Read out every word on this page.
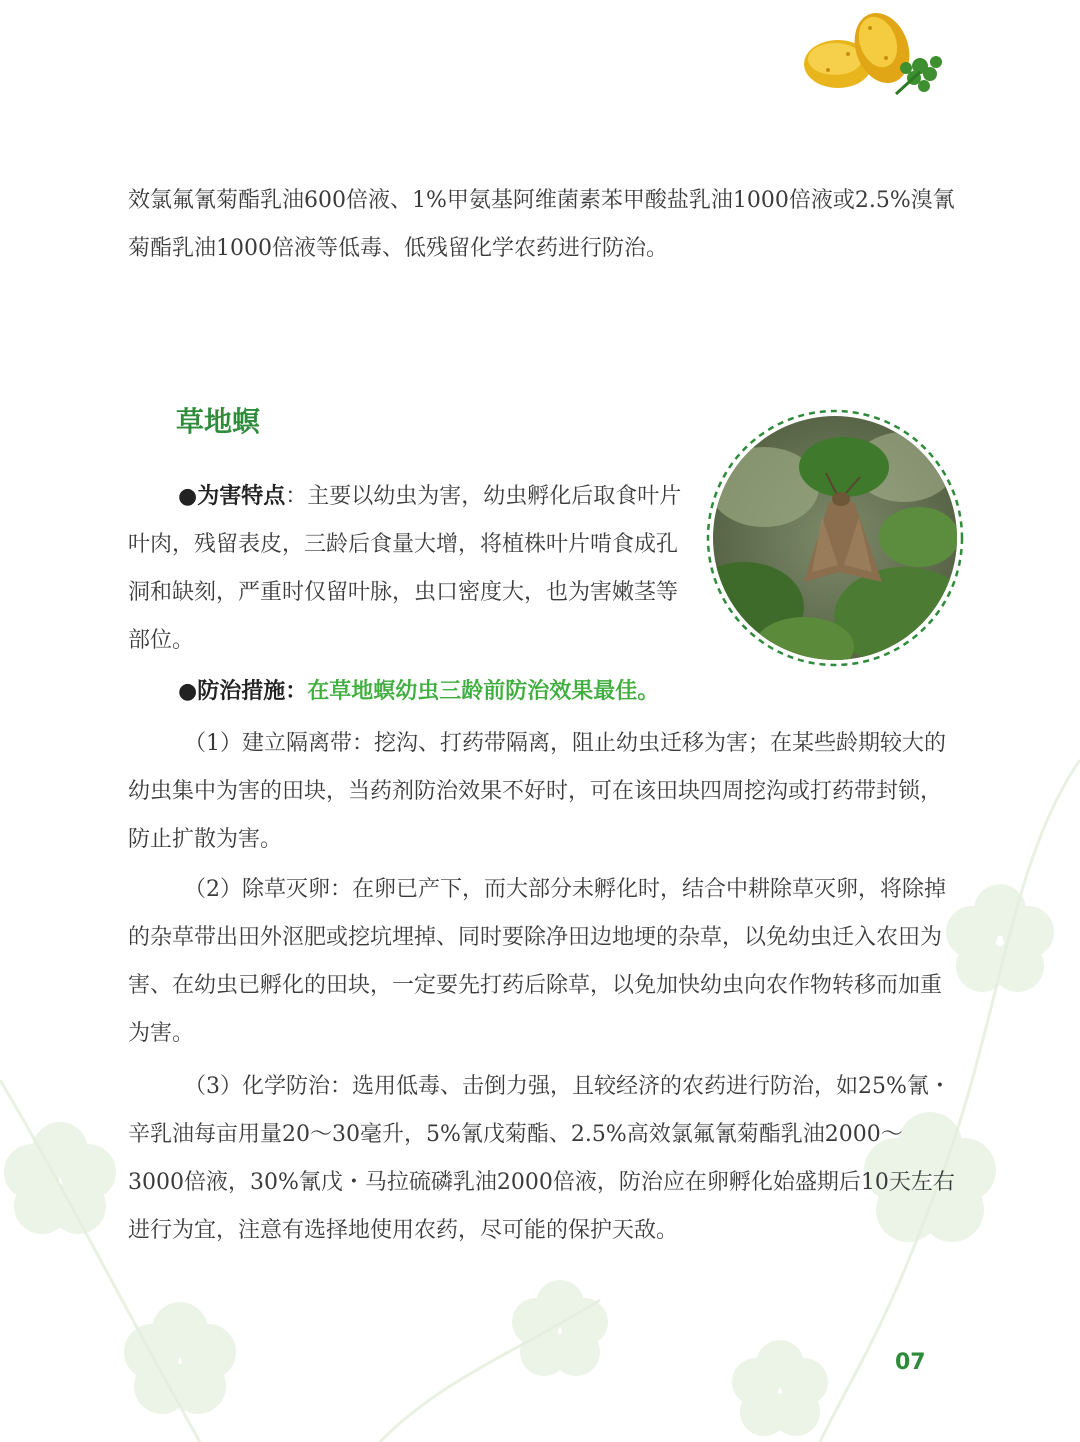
效氯氟氰菊酯乳油600倍液、1%甲氨基阿维菌素苯甲酸盐乳油1000倍液或2.5%溴氰菊酯乳油1000倍液等低毒、低残留化学农药进行防治。

草地螟

●为害特点：主要以幼虫为害，幼虫孵化后取食叶片叶肉，残留表皮，三龄后食量大增，将植株叶片啃食成孔洞和缺刻，严重时仅留叶脉，虫口密度大，也为害嫩茎等部位。

●防治措施：在草地螟幼虫三龄前防治效果最佳。

（1）建立隔离带：挖沟、打药带隔离，阻止幼虫迁移为害；在某些龄期较大的幼虫集中为害的田块，当药剂防治效果不好时，可在该田块四周挖沟或打药带封锁，防止扩散为害。

（2）除草灭卵：在卵已产下，而大部分未孵化时，结合中耕除草灭卵，将除掉的杂草带出田外沤肥或挖坑埋掉、同时要除净田边地埂的杂草，以免幼虫迁入农田为害、在幼虫已孵化的田块，一定要先打药后除草，以免加快幼虫向农作物转移而加重为害。

（3）化学防治：选用低毒、击倒力强，且较经济的农药进行防治，如25%氰・辛乳油每亩用量20～30毫升，5%氰戊菊酯、2.5%高效氯氟氰菊酯乳油2000～3000倍液，30%氰戊・马拉硫磷乳油2000倍液，防治应在卵孵化始盛期后10天左右进行为宜，注意有选择地使用农药，尽可能的保护天敌。

07
